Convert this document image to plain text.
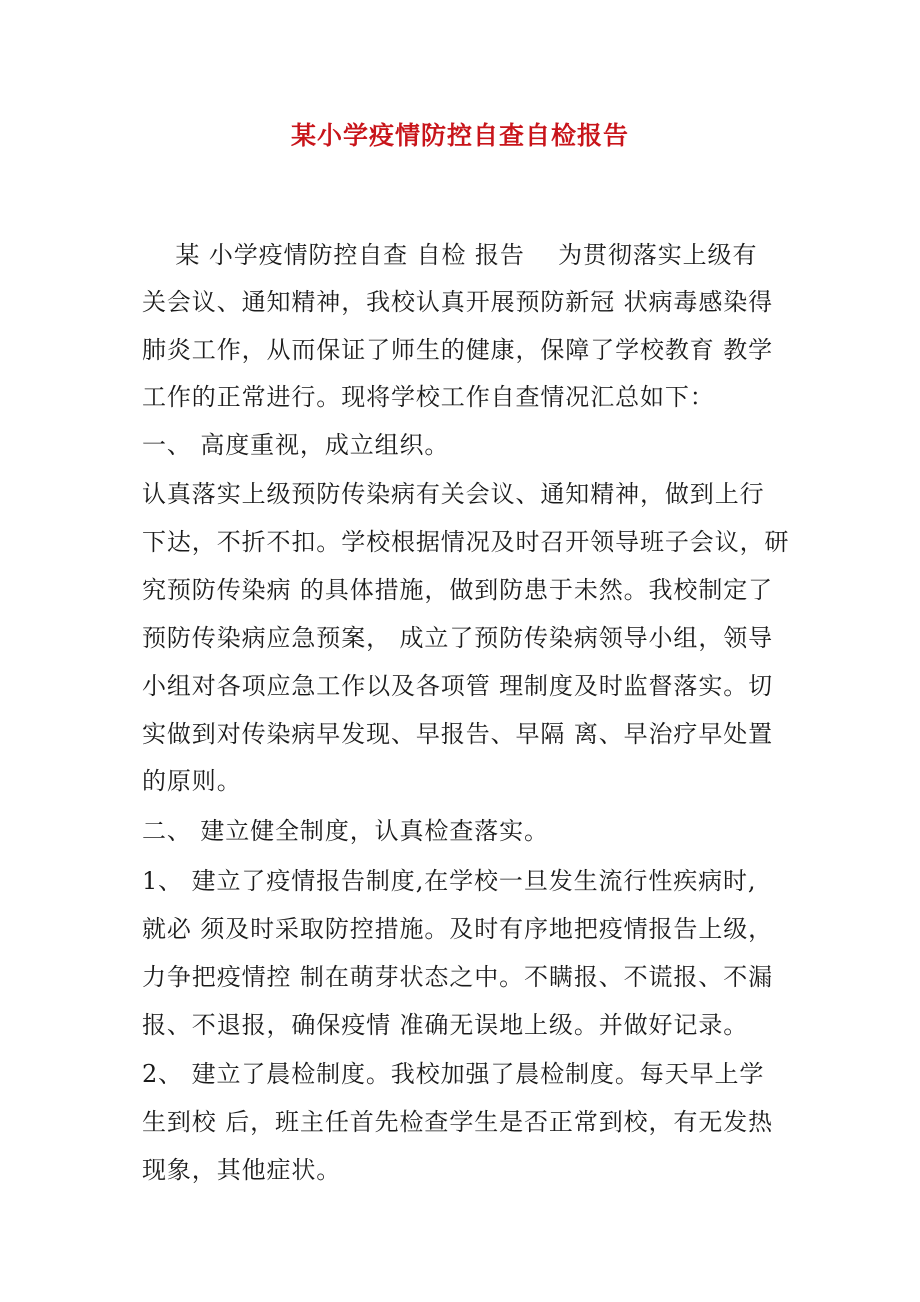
某小学疫情防控自查自检报告
　 某 小学疫情防控自查 自检 报告　 为贯彻落实上级有
关会议、通知精神，我校认真开展预防新冠 状病毒感染得
肺炎工作，从而保证了师生的健康，保障了学校教育 教学
工作的正常进行。现将学校工作自查情况汇总如下：
一、 高度重视，成立组织。
认真落实上级预防传染病有关会议、通知精神，做到上行
下达，不折不扣。学校根据情况及时召开领导班子会议，研
究预防传染病 的具体措施，做到防患于未然。我校制定了
预防传染病应急预案， 成立了预防传染病领导小组，领导
小组对各项应急工作以及各项管 理制度及时监督落实。切
实做到对传染病早发现、早报告、早隔 离、早治疗早处置
的原则。
二、 建立健全制度，认真检查落实。
1、 建立了疫情报告制度,在学校一旦发生流行性疾病时,
就必 须及时采取防控措施。及时有序地把疫情报告上级，
力争把疫情控 制在萌芽状态之中。不瞒报、不谎报、不漏
报、不退报，确保疫情 准确无误地上级。并做好记录。
2、 建立了晨检制度。我校加强了晨检制度。每天早上学
生到校 后，班主任首先检查学生是否正常到校，有无发热
现象，其他症状。
